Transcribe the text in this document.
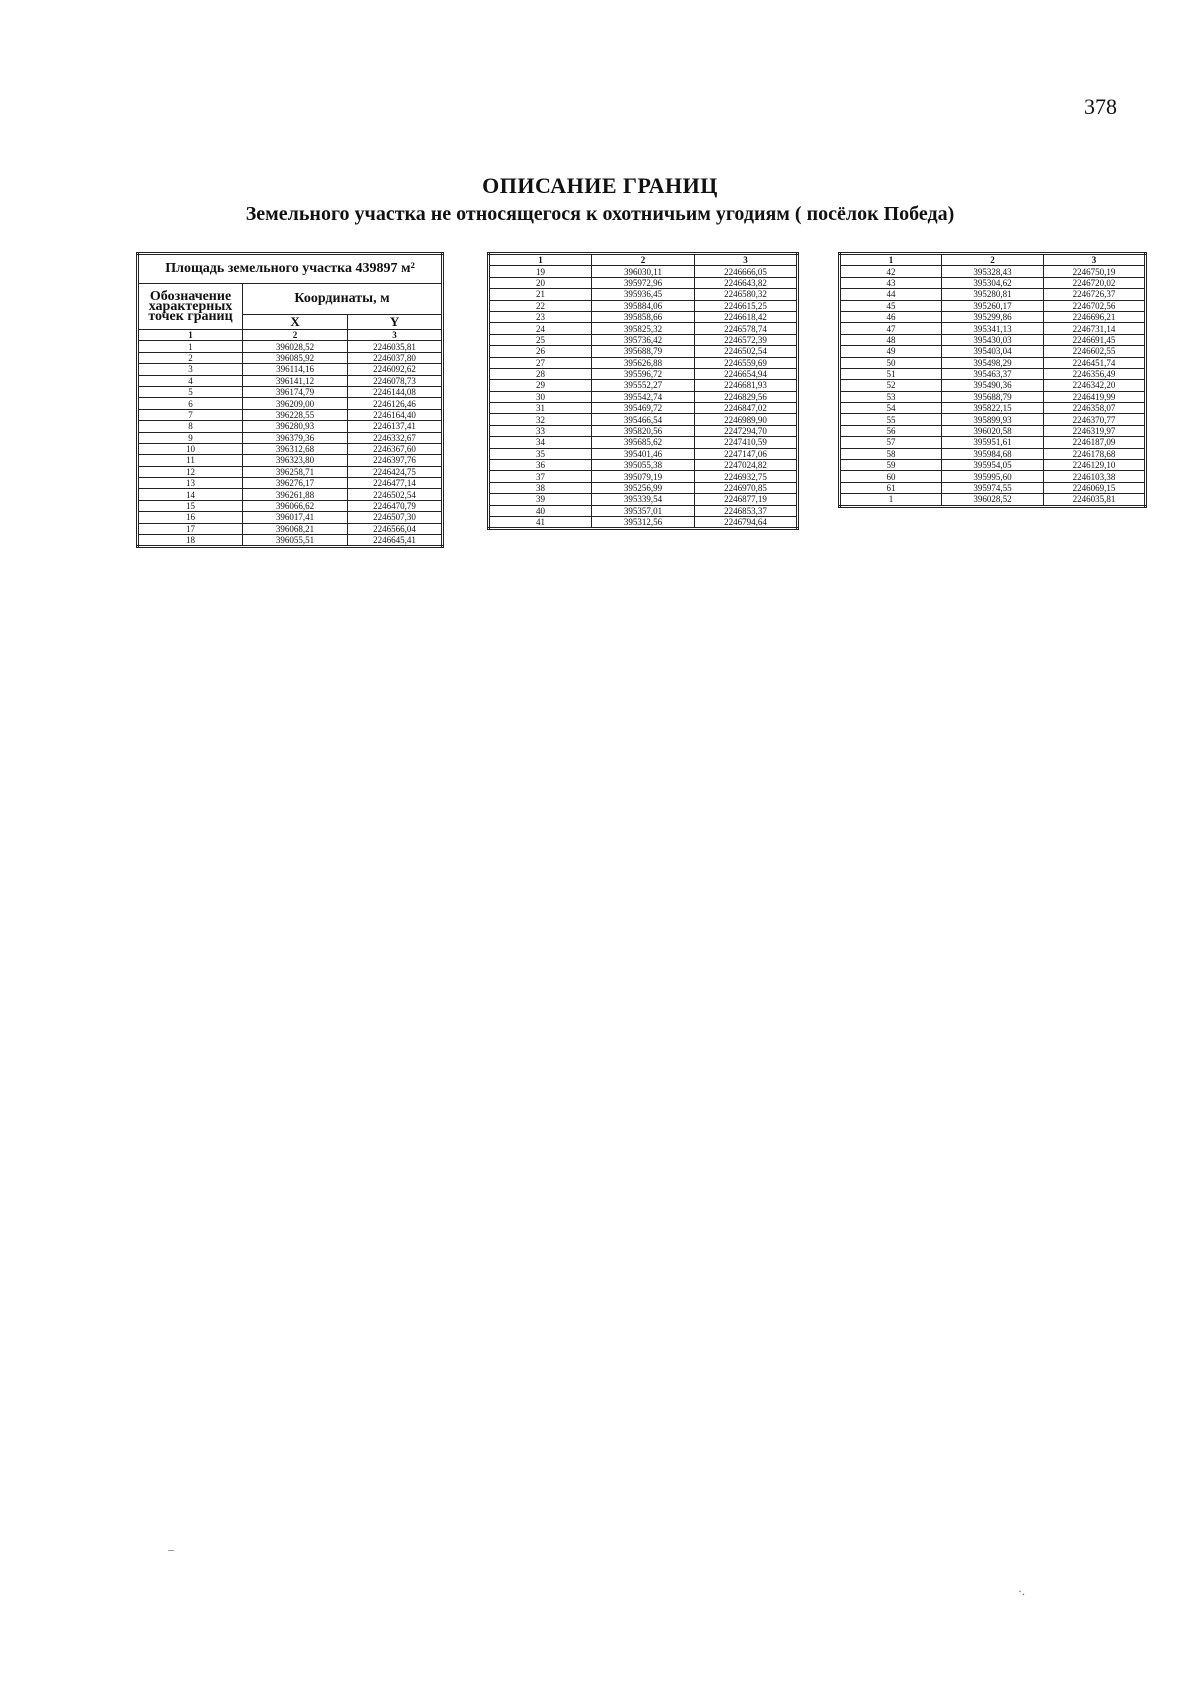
378
ОПИСАНИЕ ГРАНИЦ
Земельного участка не относящегося к охотничьим угодиям ( посёлок Победа)
Площадь земельного участка 439897 м²		
Обозначение характерных точек границ	Координаты, м	
	X	Y
1	2	3
1	396028,52	2246035,81
2	396085,92	2246037,80
3	396114,16	2246092,62
4	396141,12	2246078,73
5	396174,79	2246144,08
6	396209,00	2246126,46
7	396228,55	2246164,40
8	396280,93	2246137,41
9	396379,36	2246332,67
10	396312,68	2246367,60
11	396323,80	2246397,76
12	396258,71	2246424,75
13	396276,17	2246477,14
14	396261,88	2246502,54
15	396066,62	2246470,79
16	396017,41	2246507,30
17	396068,21	2246566,04
18	396055,51	2246645,41
1	2	3
19	396030,11	2246666,05
20	395972,96	2246643,82
21	395936,45	2246580,32
22	395884,06	2246615,25
23	395858,66	2246618,42
24	395825,32	2246578,74
25	395736,42	2246572,39
26	395688,79	2246502,54
27	395626,88	2246559,69
28	395596,72	2246654,94
29	395552,27	2246681,93
30	395542,74	2246829,56
31	395469,72	2246847,02
32	395466,54	2246989,90
33	395820,56	2247294,70
34	395685,62	2247410,59
35	395401,46	2247147,06
36	395055,38	2247024,82
37	395079,19	2246932,75
38	395256,99	2246970,85
39	395339,54	2246877,19
40	395357,01	2246853,37
41	395312,56	2246794,64
1	2	3
42	395328,43	2246750,19
43	395304,62	2246720,02
44	395280,81	2246726,37
45	395260,17	2246702,56
46	395299,86	2246696,21
47	395341,13	2246731,14
48	395430,03	2246691,45
49	395403,04	2246602,55
50	395498,29	2246451,74
51	395463,37	2246356,49
52	395490,36	2246342,20
53	395688,79	2246419,99
54	395822,15	2246358,07
55	395899,93	2246370,77
56	396020,58	2246319,97
57	395951,61	2246187,09
58	395984,68	2246178,68
59	395954,05	2246129,10
60	395995,60	2246103,38
61	395974,55	2246069,15
1	396028,52	2246035,81
·.
